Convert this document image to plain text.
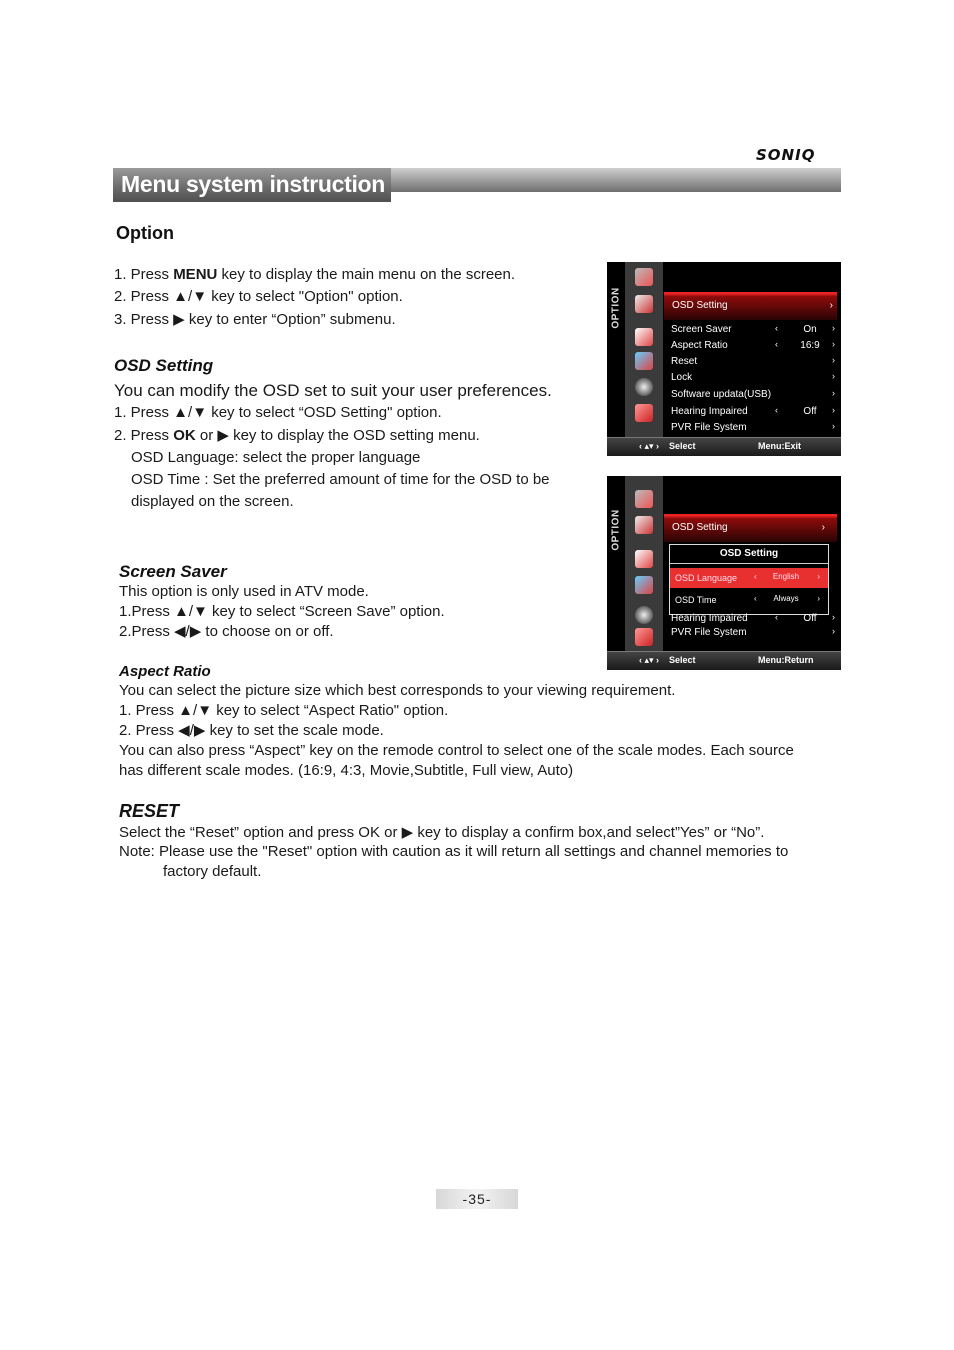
SONIQ
Menu system instruction
Option
1. Press MENU key to display the main menu on the screen.
2. Press ▲/▼ key to select "Option" option.
3. Press ▶ key to enter “Option” submenu.
OSD Setting
You can modify the OSD set to suit your user preferences.
1. Press ▲/▼ key to select “OSD Setting" option.
2. Press OK or ▶ key to display the OSD setting menu.
OSD Language: select the proper language
OSD Time : Set the preferred amount of time for the OSD to be
displayed on the screen.
Screen Saver
This option is only used in ATV mode.
1.Press ▲/▼ key to select “Screen Save” option.
2.Press ◀/▶ to choose on or off.
Aspect Ratio
You can select the picture size which best corresponds to your viewing requirement.
1. Press ▲/▼ key to select “Aspect Ratio" option.
2. Press ◀/▶ key to set the scale mode.
You can also press “Aspect” key on the remode control to select one of the scale modes. Each source
has different scale modes. (16:9, 4:3, Movie,Subtitle, Full view, Auto)
RESET
Select the “Reset” option and press OK or ▶ key to display a confirm box,and select”Yes” or “No”.
Note: Please use the "Reset" option with caution as it will return all settings and channel memories to
factory default.
OPTION	OSD Setting	›
Screen Saver	‹	On	›
Aspect Ratio	‹	16:9	›
Reset	›
Lock	›
Software updata(USB)	›
Hearing Impaired	‹	Off	›
PVR File System	›
‹ ▴▾ › Select	Menu:Exit
OPTION	OSD Setting	›
OSD Setting
OSD Language ‹	English	›
OSD Time	‹	Always	›
Hearing Impaired	‹	Off	›
PVR File System	›
‹ ▴▾ › Select	Menu:Return
-35-
